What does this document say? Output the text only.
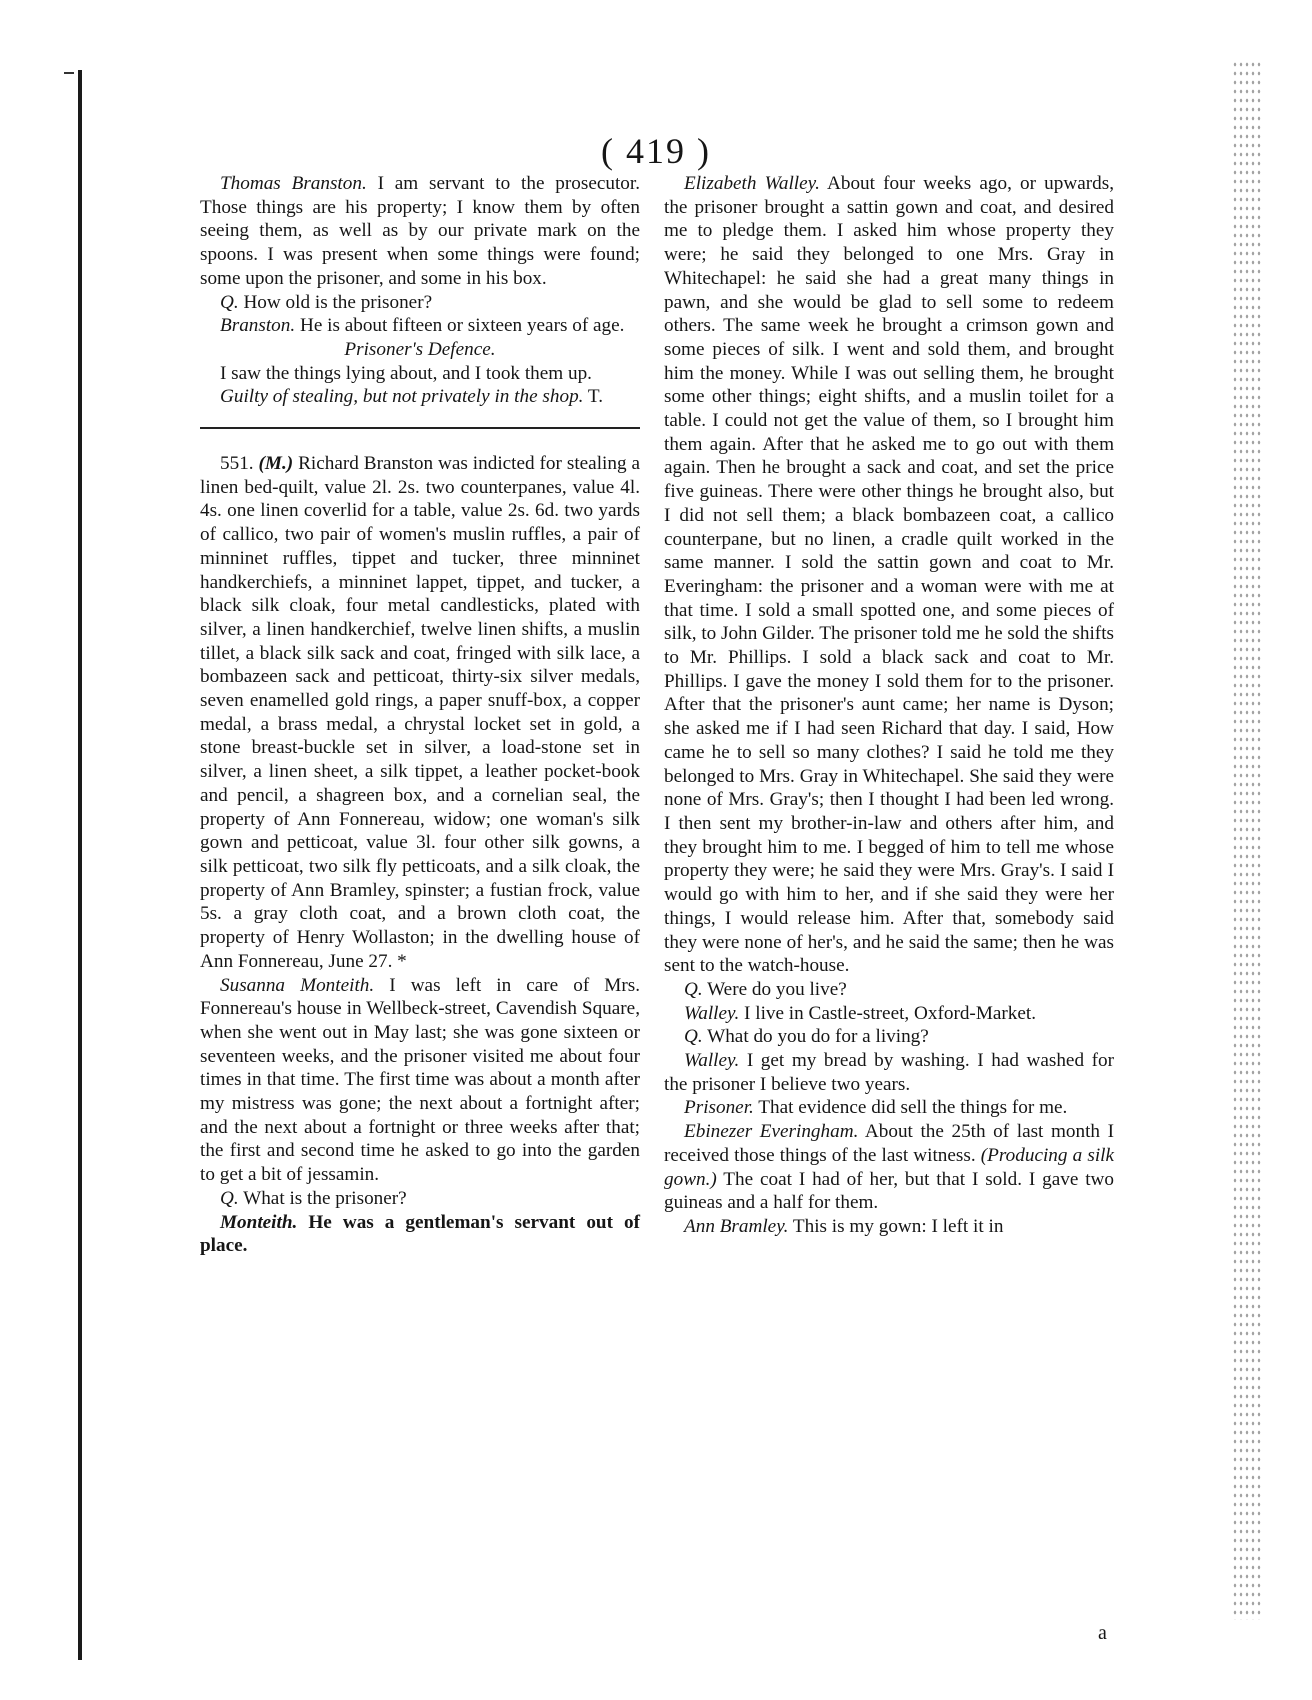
( 419 )

Thomas Branston. I am servant to the prosecutor. Those things are his property; I know them by often seeing them, as well as by our private mark on the spoons. I was present when some things were found; some upon the prisoner, and some in his box.

Q. How old is the prisoner?

Branston. He is about fifteen or sixteen years of age.

Prisoner's Defence.

I saw the things lying about, and I took them up.

Guilty of stealing, but not privately in the shop. T.

551. (M.) Richard Branston was indicted for stealing a linen bed-quilt, value 2l. 2s. two counterpanes, value 4l. 4s. one linen coverlid for a table, value 2s. 6d. two yards of callico, two pair of women's muslin ruffles, a pair of minninet ruffles, tippet and tucker, three minninet handkerchiefs, a minninet lappet, tippet, and tucker, a black silk cloak, four metal candlesticks, plated with silver, a linen handkerchief, twelve linen shifts, a muslin tillet, a black silk sack and coat, fringed with silk lace, a bombazeen sack and petticoat, thirty-six silver medals, seven enamelled gold rings, a paper snuff-box, a copper medal, a brass medal, a chrystal locket set in gold, a stone breast-buckle set in silver, a load-stone set in silver, a linen sheet, a silk tippet, a leather pocket-book and pencil, a shagreen box, and a cornelian seal, the property of Ann Fonnereau, widow; one woman's silk gown and petticoat, value 3l. four other silk gowns, a silk petticoat, two silk fly petticoats, and a silk cloak, the property of Ann Bramley, spinster; a fustian frock, value 5s. a gray cloth coat, and a brown cloth coat, the property of Henry Wollaston; in the dwelling house of Ann Fonnereau, June 27. *

Susanna Monteith. I was left in care of Mrs. Fonnereau's house in Wellbeck-street, Cavendish Square, when she went out in May last; she was gone sixteen or seventeen weeks, and the prisoner visited me about four times in that time. The first time was about a month after my mistress was gone; the next about a fortnight after; and the next about a fortnight or three weeks after that; the first and second time he asked to go into the garden to get a bit of jessamin.

Q. What is the prisoner?

Monteith. He was a gentleman's servant out of place.

Elizabeth Walley. About four weeks ago, or upwards, the prisoner brought a sattin gown and coat, and desired me to pledge them. I asked him whose property they were; he said they belonged to one Mrs. Gray in Whitechapel: he said she had a great many things in pawn, and she would be glad to sell some to redeem others. The same week he brought a crimson gown and some pieces of silk. I went and sold them, and brought him the money. While I was out selling them, he brought some other things; eight shifts, and a muslin toilet for a table. I could not get the value of them, so I brought him them again. After that he asked me to go out with them again. Then he brought a sack and coat, and set the price five guineas. There were other things he brought also, but I did not sell them; a black bombazeen coat, a callico counterpane, but no linen, a cradle quilt worked in the same manner. I sold the sattin gown and coat to Mr. Everingham: the prisoner and a woman were with me at that time. I sold a small spotted one, and some pieces of silk, to John Gilder. The prisoner told me he sold the shifts to Mr. Phillips. I sold a black sack and coat to Mr. Phillips. I gave the money I sold them for to the prisoner. After that the prisoner's aunt came; her name is Dyson; she asked me if I had seen Richard that day. I said, How came he to sell so many clothes? I said he told me they belonged to Mrs. Gray in Whitechapel. She said they were none of Mrs. Gray's; then I thought I had been led wrong. I then sent my brother-in-law and others after him, and they brought him to me. I begged of him to tell me whose property they were; he said they were Mrs. Gray's. I said I would go with him to her, and if she said they were her things, I would release him. After that, somebody said they were none of her's, and he said the same; then he was sent to the watch-house.

Q. Were do you live?

Walley. I live in Castle-street, Oxford-Market.

Q. What do you do for a living?

Walley. I get my bread by washing. I had washed for the prisoner I believe two years.

Prisoner. That evidence did sell the things for me.

Ebinezer Everingham. About the 25th of last month I received those things of the last witness. (Producing a silk gown.) The coat I had of her, but that I sold. I gave two guineas and a half for them.

Ann Bramley. This is my gown: I left it in

a
